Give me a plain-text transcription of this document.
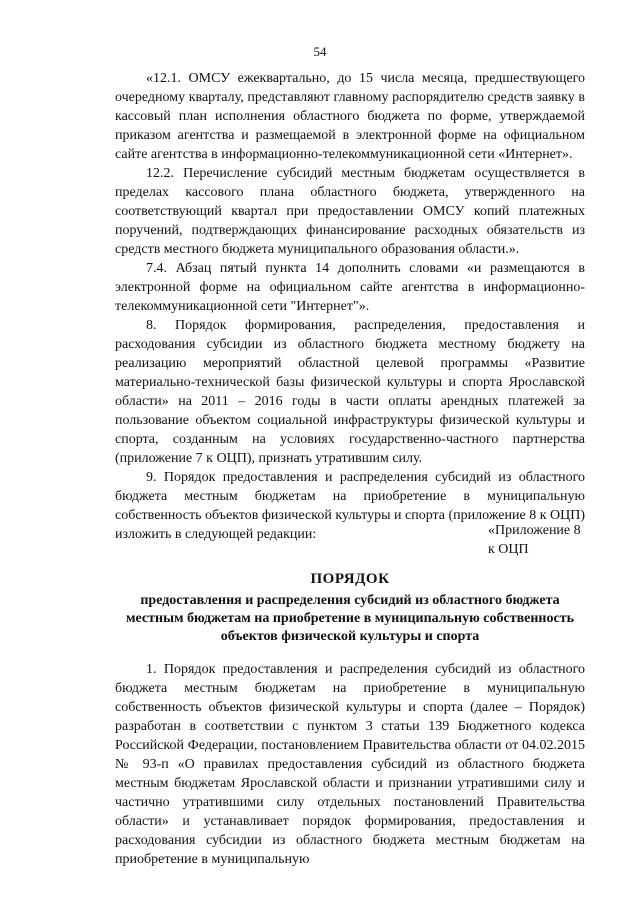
54

«12.1. ОМСУ ежеквартально, до 15 числа месяца, предшествующего очередному кварталу, представляют главному распорядителю средств заявку в кассовый план исполнения областного бюджета по форме, утверждаемой приказом агентства и размещаемой в электронной форме на официальном сайте агентства в информационно-телекоммуникационной сети «Интернет».

12.2. Перечисление субсидий местным бюджетам осуществляется в пределах кассового плана областного бюджета, утвержденного на соответствующий квартал при предоставлении ОМСУ копий платежных поручений, подтверждающих финансирование расходных обязательств из средств местного бюджета муниципального образования области.».

7.4. Абзац пятый пункта 14 дополнить словами «и размещаются в электронной форме на официальном сайте агентства в информационно-телекоммуникационной сети "Интернет"».

8. Порядок формирования, распределения, предоставления и расходования субсидии из областного бюджета местному бюджету на реализацию мероприятий областной целевой программы «Развитие материально-технической базы физической культуры и спорта Ярославской области» на 2011 – 2016 годы в части оплаты арендных платежей за пользование объектом социальной инфраструктуры физической культуры и спорта, созданным на условиях государственно-частного партнерства (приложение 7 к ОЦП), признать утратившим силу.

9. Порядок предоставления и распределения субсидий из областного бюджета местным бюджетам на приобретение в муниципальную собственность объектов физической культуры и спорта (приложение 8 к ОЦП) изложить в следующей редакции:	«Приложение 8
к ОЦП
ПОРЯДОК
предоставления и распределения субсидий из областного бюджета местным бюджетам на приобретение в муниципальную собственность объектов физической культуры и спорта

1. Порядок предоставления и распределения субсидий из областного бюджета местным бюджетам на приобретение в муниципальную собственность объектов физической культуры и спорта (далее – Порядок) разработан в соответствии с пунктом 3 статьи 139 Бюджетного кодекса Российской Федерации, постановлением Правительства области от 04.02.2015 № 93-п «О правилах предоставления субсидий из областного бюджета местным бюджетам Ярославской области и признании утратившими силу и частично утратившими силу отдельных постановлений Правительства области» и устанавливает порядок формирования, предоставления и расходования субсидии из областного бюджета местным бюджетам на приобретение в муниципальную
